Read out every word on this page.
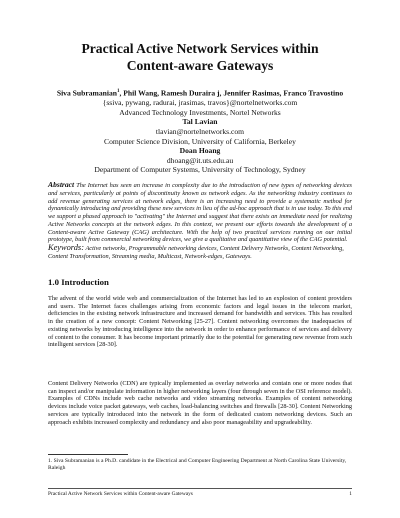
Practical Active Network Services within
Content-aware Gateways
Siva Subramanian$^1$, Phil Wang, Ramesh Duraira j, Jennifer Rasimas, Franco Travostino
{ssiva, pywang, radurai, jrasimas, travos}@nortelnetworks.com
Advanced Technology Investments, Nortel Networks
Tal Lavian
tlavian@nortelnetworks.com
Computer Science Division, University of California, Berkeley
Doan Hoang
dhoang@it.uts.edu.au
Department of Computer Systems, University of Technology, Sydney
Abstract The Internet has seen an increase in complexity due to the introduction of new types of networking devices and services, particularly at points of discontinuity known as network edges. As the networking industry continues to add revenue generating services at network edges, there is an increasing need to provide a systematic method for dynamically introducing and providing these new services in lieu of the ad-hoc approach that is in use today. To this end we support a phased approach to "activating" the Internet and suggest that there exists an immediate need for realizing Active Networks concepts at the network edges. In this context, we present our efforts towards the development of a Content-aware Active Gateway (CAG) architecture. With the help of two practical services running on our initial prototype, built from commercial networking devices, we give a qualitative and quantitative view of the CAG potential.
Keywords: Active networks, Programmable networking devices, Content Delivery Networks, Content Networking, Content Transformation, Streaming media, Multicast, Network-edges, Gateways.
1.0 Introduction
The advent of the world wide web and commercialization of the Internet has led to an explosion of content providers and users. The Internet faces challenges arising from economic factors and legal issues in the telecom market, deficiencies in the existing network infrastructure and increased demand for bandwidth and services. This has resulted in the creation of a new concept: Content Networking [25-27]. Content networking overcomes the inadequacies of existing networks by introducing intelligence into the network in order to enhance performance of services and delivery of content to the consumer. It has become important primarily due to the potential for generating new revenue from such intelligent services [28-30].
Content Delivery Networks (CDN) are typically implemented as overlay networks and contain one or more nodes that can inspect and/or manipulate information in higher networking layers (four through seven in the OSI reference model). Examples of CDNs include web cache networks and video streaming networks. Examples of content networking devices include voice packet gateways, web caches, load-balancing switches and firewalls [28-30]. Content Networking services are typically introduced into the network in the form of dedicated custom networking devices. Such an approach exhibits increased complexity and redundancy and also poor manageability and upgradeability.
1. Siva Subramanian is a Ph.D. candidate in the Electrical and Computer Engineering Department at North Carolina State University, Raleigh
Practical Active Network Services within Content-aware Gateways	1
